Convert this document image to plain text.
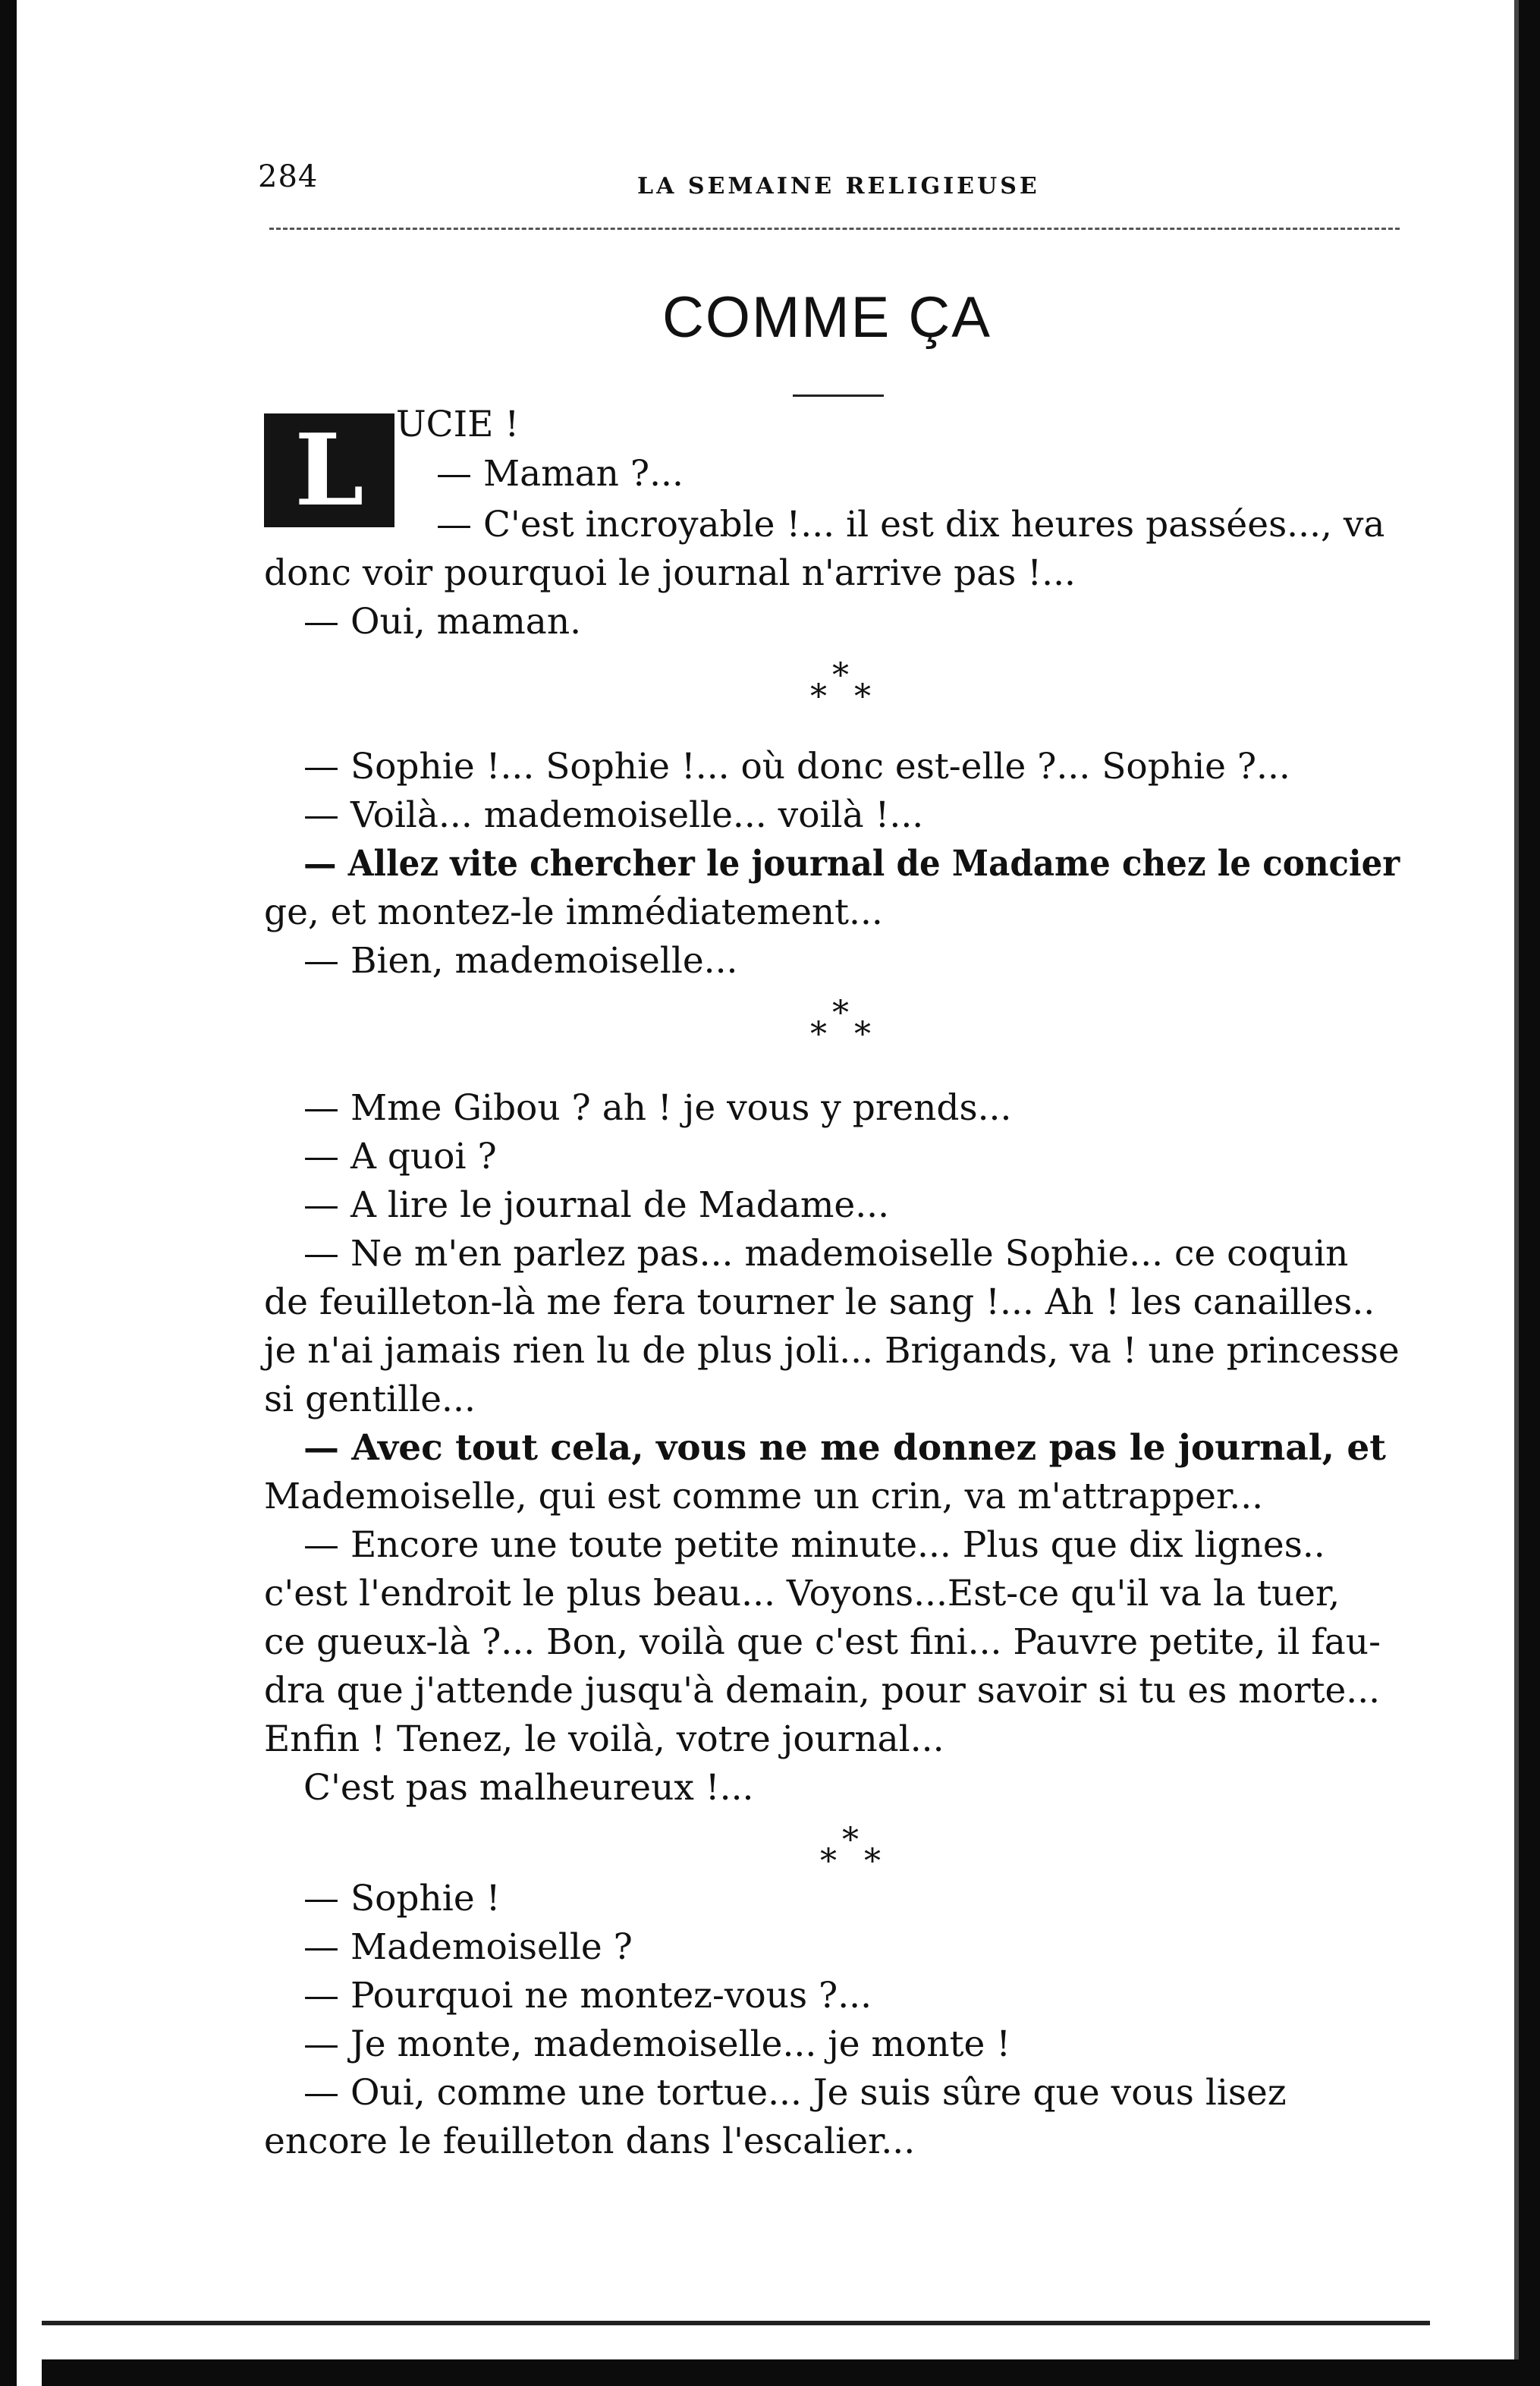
284	LA SEMAINE RELIGIEUSE
COMME ÇA
L UCIE !
— Maman ?...
— C'est incroyable !... il est dix heures passées..., va
donc voir pourquoi le journal n'arrive pas !...
— Oui, maman.
*
* *
— Sophie !... Sophie !... où donc est-elle ?... Sophie ?...
— Voilà... mademoiselle... voilà !...
— Allez vite chercher le journal de Madame chez le concier
ge, et montez-le immédiatement...
— Bien, mademoiselle...
*
* *
— Mme Gibou ? ah ! je vous y prends...
— A quoi ?
— A lire le journal de Madame...
— Ne m'en parlez pas... mademoiselle Sophie... ce coquin
de feuilleton-là me fera tourner le sang !... Ah ! les canailles..
je n'ai jamais rien lu de plus joli... Brigands, va ! une princesse
si gentille...
— Avec tout cela, vous ne me donnez pas le journal, et
Mademoiselle, qui est comme un crin, va m'attrapper...
— Encore une toute petite minute... Plus que dix lignes..
c'est l'endroit le plus beau... Voyons...Est-ce qu'il va la tuer,
ce gueux-là ?... Bon, voilà que c'est fini... Pauvre petite, il fau-
dra que j'attende jusqu'à demain, pour savoir si tu es morte...
Enfin ! Tenez, le voilà, votre journal...
C'est pas malheureux !...
*
* *
— Sophie !
— Mademoiselle ?
— Pourquoi ne montez-vous ?...
— Je monte, mademoiselle... je monte !
— Oui, comme une tortue... Je suis sûre que vous lisez
encore le feuilleton dans l'escalier...
